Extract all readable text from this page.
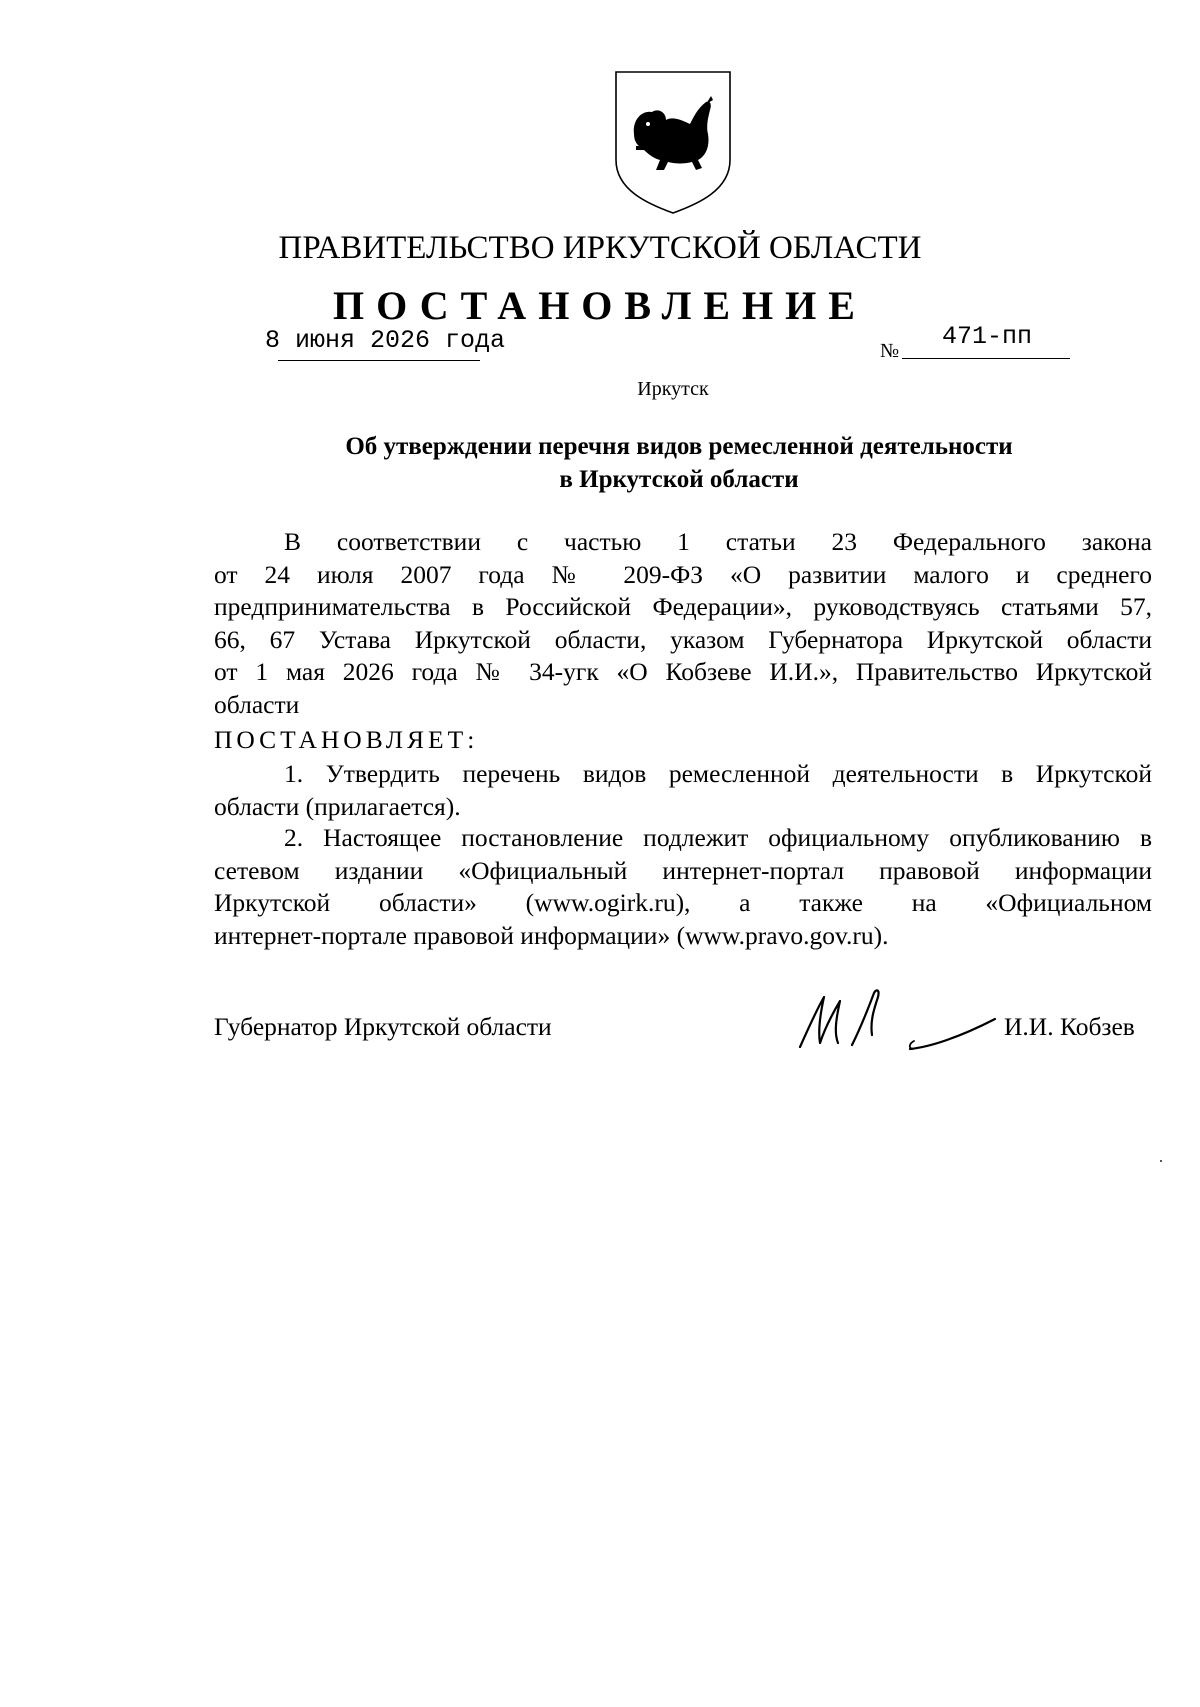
ПРАВИТЕЛЬСТВО ИРКУТСКОЙ ОБЛАСТИ
ПОСТАНОВЛЕНИЕ
8 июня 2026 года	№ 471-пп
Иркутск
Об утверждении перечня видов ремесленной деятельности
в Иркутской области
В соответствии с частью 1 статьи 23 Федерального закона
от 24 июля 2007 года № 209-ФЗ «О развитии малого и среднего
предпринимательства в Российской Федерации», руководствуясь статьями 57,
66, 67 Устава Иркутской области, указом Губернатора Иркутской области
от 1 мая 2026 года № 34-угк «О Кобзеве И.И.», Правительство Иркутской
области
ПОСТАНОВЛЯЕТ:
1. Утвердить перечень видов ремесленной деятельности в Иркутской
области (прилагается).
2. Настоящее постановление подлежит официальному опубликованию в
сетевом издании «Официальный интернет-портал правовой информации
Иркутской области» (www.ogirk.ru), а также на «Официальном
интернет-портале правовой информации» (www.pravo.gov.ru).
Губернатор Иркутской области	И.И. Кобзев
